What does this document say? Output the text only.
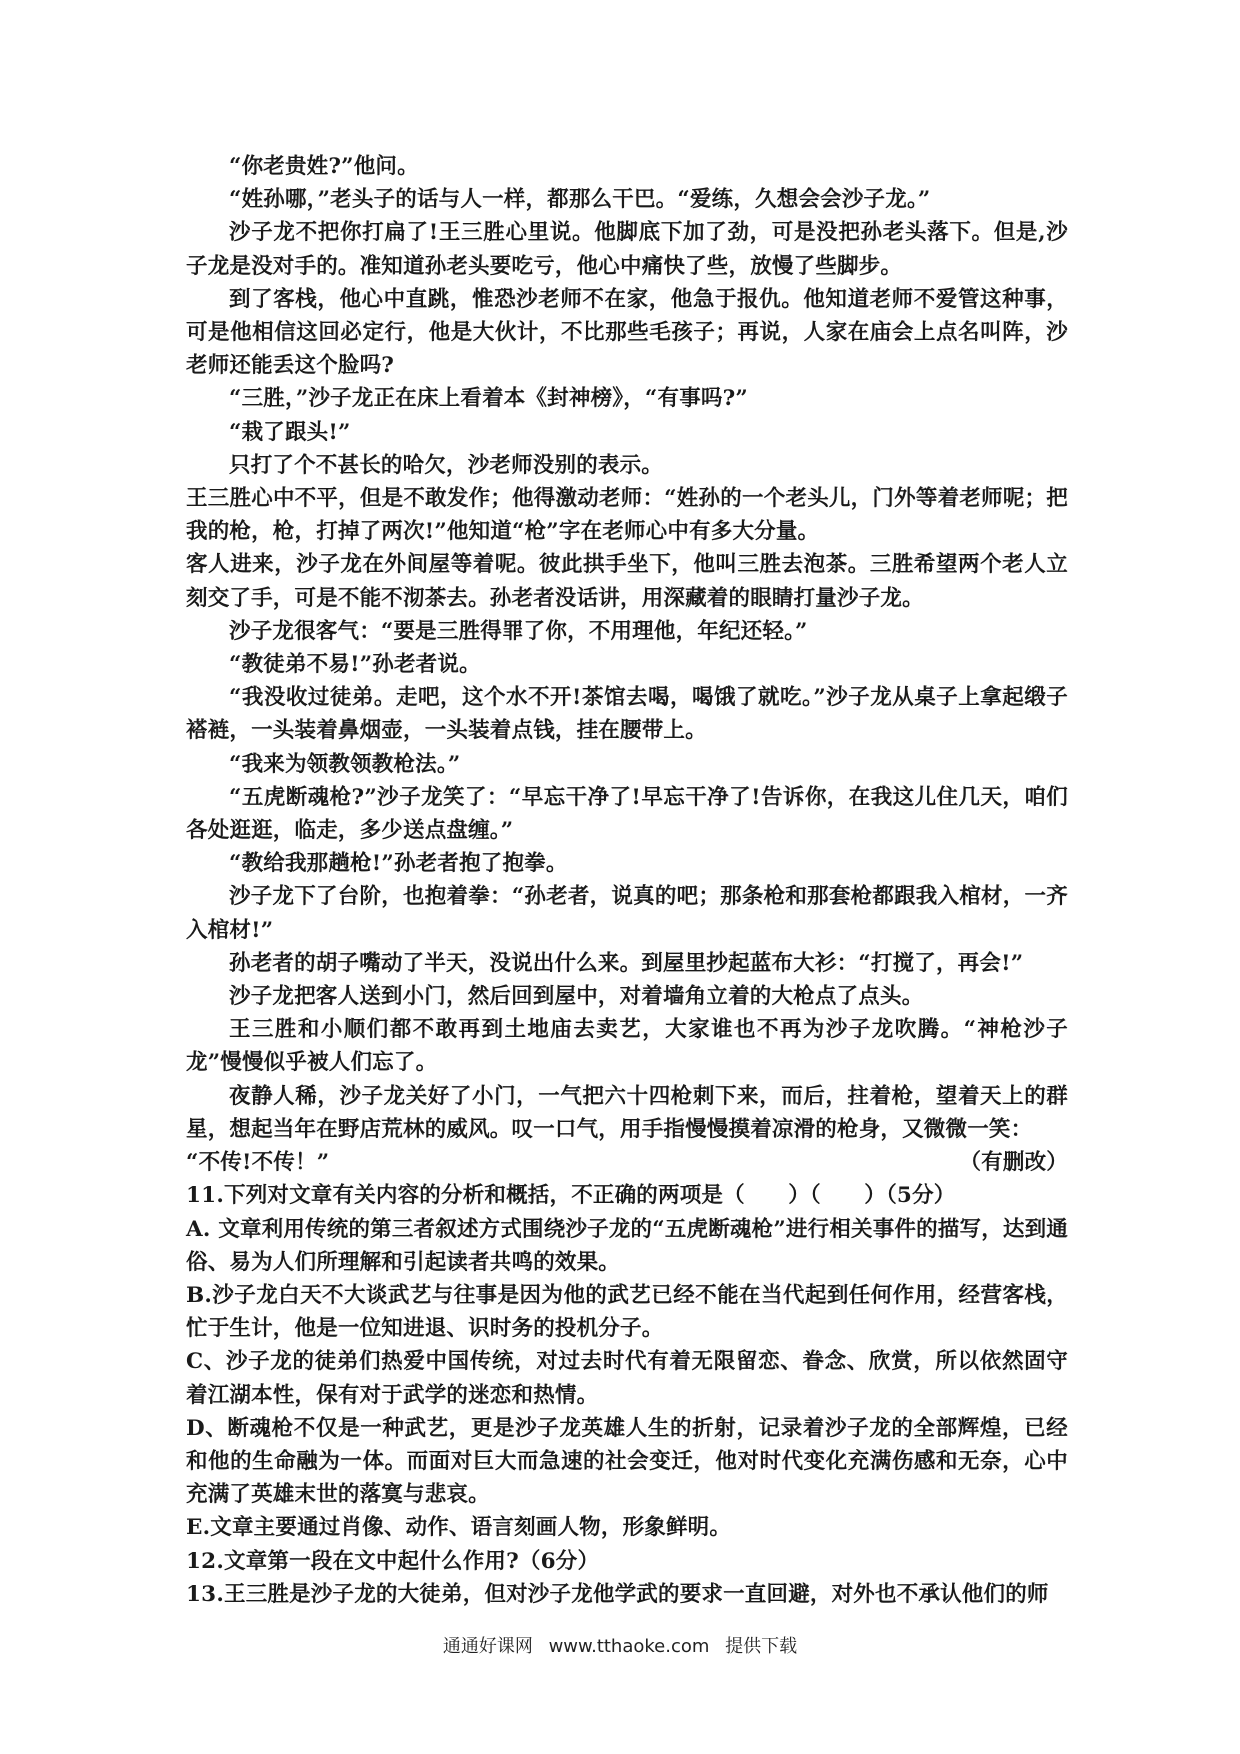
“你老贵姓?”他问。

“姓孙哪，”老头子的话与人一样，都那么干巴。“爱练，久想会会沙子龙。”

沙子龙不把你打扁了!王三胜心里说。他脚底下加了劲，可是没把孙老头落下。但是,沙子龙是没对手的。准知道孙老头要吃亏，他心中痛快了些，放慢了些脚步。

到了客栈，他心中直跳，惟恐沙老师不在家，他急于报仇。他知道老师不爱管这种事，可是他相信这回必定行，他是大伙计，不比那些毛孩子；再说，人家在庙会上点名叫阵，沙老师还能丢这个脸吗?

“三胜，”沙子龙正在床上看着本《封神榜》，“有事吗?”

“栽了跟头!”

只打了个不甚长的哈欠，沙老师没别的表示。

王三胜心中不平，但是不敢发作；他得激动老师：“姓孙的一个老头儿，门外等着老师呢；把我的枪，枪，打掉了两次!”他知道“枪”字在老师心中有多大分量。

客人进来，沙子龙在外间屋等着呢。彼此拱手坐下，他叫三胜去泡茶。三胜希望两个老人立刻交了手，可是不能不沏茶去。孙老者没话讲，用深藏着的眼睛打量沙子龙。

沙子龙很客气：“要是三胜得罪了你，不用理他，年纪还轻。”

“教徒弟不易!”孙老者说。

“我没收过徒弟。走吧，这个水不开!茶馆去喝，喝饿了就吃。”沙子龙从桌子上拿起缎子褡裢，一头装着鼻烟壶，一头装着点钱，挂在腰带上。

“我来为领教领教枪法。”

“五虎断魂枪?”沙子龙笑了：“早忘干净了!早忘干净了!告诉你，在我这儿住几天，咱们各处逛逛，临走，多少送点盘缠。”

“教给我那趟枪!”孙老者抱了抱拳。

沙子龙下了台阶，也抱着拳：“孙老者，说真的吧；那条枪和那套枪都跟我入棺材，一齐入棺材!”

孙老者的胡子嘴动了半天，没说出什么来。到屋里抄起蓝布大衫：“打搅了，再会!”

沙子龙把客人送到小门，然后回到屋中，对着墙角立着的大枪点了点头。

王三胜和小顺们都不敢再到土地庙去卖艺，大家谁也不再为沙子龙吹腾。“神枪沙子龙”慢慢似乎被人们忘了。

夜静人稀，沙子龙关好了小门，一气把六十四枪刺下来，而后，拄着枪，望着天上的群星，想起当年在野店荒林的威风。叹一口气，用手指慢慢摸着凉滑的枪身，又微微一笑：

“不传!不传！”	（有删改）

11.下列对文章有关内容的分析和概括，不正确的两项是（　　）（　　）（5分）

A. 文章利用传统的第三者叙述方式围绕沙子龙的“五虎断魂枪”进行相关事件的描写，达到通俗、易为人们所理解和引起读者共鸣的效果。

B.沙子龙白天不大谈武艺与往事是因为他的武艺已经不能在当代起到任何作用，经营客栈，忙于生计，他是一位知进退、识时务的投机分子。

C、沙子龙的徒弟们热爱中国传统，对过去时代有着无限留恋、眷念、欣赏，所以依然固守着江湖本性，保有对于武学的迷恋和热情。

D、断魂枪不仅是一种武艺，更是沙子龙英雄人生的折射，记录着沙子龙的全部辉煌，已经和他的生命融为一体。而面对巨大而急速的社会变迁，他对时代变化充满伤感和无奈，心中充满了英雄末世的落寞与悲哀。

E.文章主要通过肖像、动作、语言刻画人物，形象鲜明。

12.文章第一段在文中起什么作用?（6分）

13.王三胜是沙子龙的大徒弟，但对沙子龙他学武的要求一直回避，对外也不承认他们的师

通通好课网 www.tthaoke.com 提供下载
